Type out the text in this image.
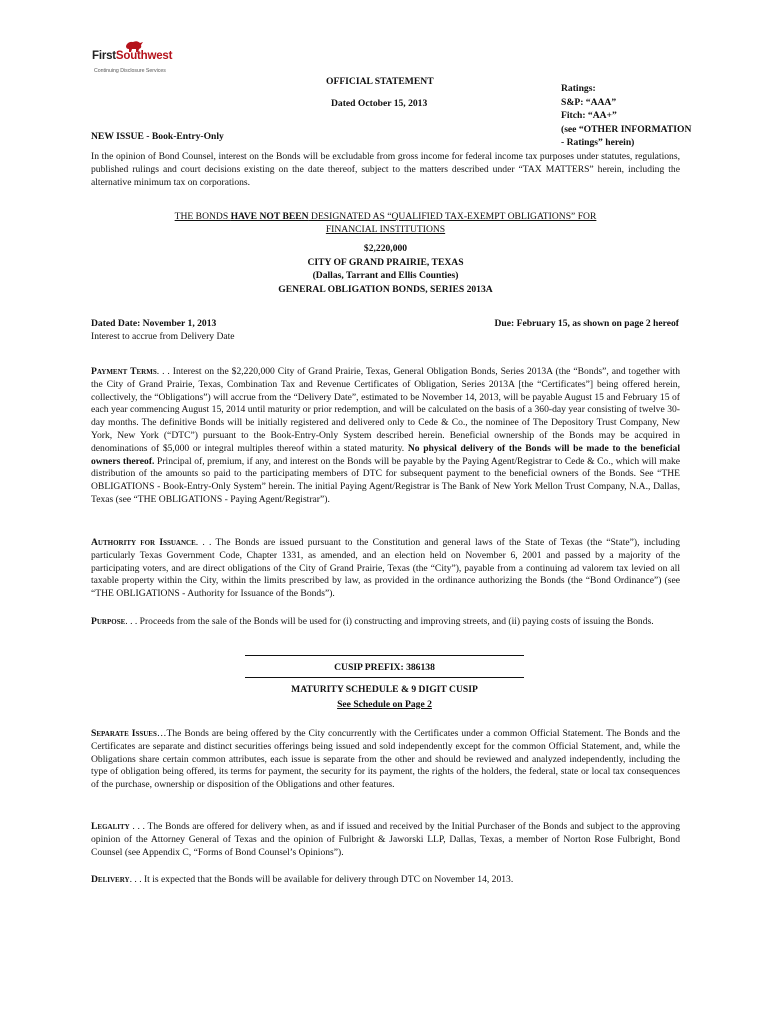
FirstSouthwest
Continuing Disclosure Services
OFFICIAL STATEMENT
Dated October 15, 2013
NEW ISSUE - Book-Entry-Only
Ratings:
S&P: “AAA”
Fitch: “AA+”
(see “OTHER INFORMATION
- Ratings” herein)
In the opinion of Bond Counsel, interest on the Bonds will be excludable from gross income for federal income tax purposes under statutes, regulations, published rulings and court decisions existing on the date thereof, subject to the matters described under “TAX MATTERS” herein, including the alternative minimum tax on corporations.
THE BONDS HAVE NOT BEEN DESIGNATED AS “QUALIFIED TAX-EXEMPT OBLIGATIONS” FOR
FINANCIAL INSTITUTIONS
$2,220,000
CITY OF GRAND PRAIRIE, TEXAS
(Dallas, Tarrant and Ellis Counties)
GENERAL OBLIGATION BONDS, SERIES 2013A
Dated Date: November 1, 2013
Interest to accrue from Delivery Date
Due: February 15, as shown on page 2 hereof
Payment Terms. . . Interest on the $2,220,000 City of Grand Prairie, Texas, General Obligation Bonds, Series 2013A (the “Bonds”, and together with the City of Grand Prairie, Texas, Combination Tax and Revenue Certificates of Obligation, Series 2013A [the “Certificates”] being offered herein, collectively, the “Obligations”) will accrue from the “Delivery Date”, estimated to be November 14, 2013, will be payable August 15 and February 15 of each year commencing August 15, 2014 until maturity or prior redemption, and will be calculated on the basis of a 360-day year consisting of twelve 30-day months. The definitive Bonds will be initially registered and delivered only to Cede & Co., the nominee of The Depository Trust Company, New York, New York (“DTC”) pursuant to the Book-Entry-Only System described herein. Beneficial ownership of the Bonds may be acquired in denominations of $5,000 or integral multiples thereof within a stated maturity. No physical delivery of the Bonds will be made to the beneficial owners thereof. Principal of, premium, if any, and interest on the Bonds will be payable by the Paying Agent/Registrar to Cede & Co., which will make distribution of the amounts so paid to the participating members of DTC for subsequent payment to the beneficial owners of the Bonds. See “THE OBLIGATIONS - Book-Entry-Only System” herein. The initial Paying Agent/Registrar is The Bank of New York Mellon Trust Company, N.A., Dallas, Texas (see “THE OBLIGATIONS - Paying Agent/Registrar”).
Authority for Issuance. . . The Bonds are issued pursuant to the Constitution and general laws of the State of Texas (the “State”), including particularly Texas Government Code, Chapter 1331, as amended, and an election held on November 6, 2001 and passed by a majority of the participating voters, and are direct obligations of the City of Grand Prairie, Texas (the “City”), payable from a continuing ad valorem tax levied on all taxable property within the City, within the limits prescribed by law, as provided in the ordinance authorizing the Bonds (the “Bond Ordinance”) (see “THE OBLIGATIONS - Authority for Issuance of the Bonds”).
Purpose. . . Proceeds from the sale of the Bonds will be used for (i) constructing and improving streets, and (ii) paying costs of issuing the Bonds.
CUSIP PREFIX: 386138
MATURITY SCHEDULE & 9 DIGIT CUSIP
See Schedule on Page 2
Separate Issues…The Bonds are being offered by the City concurrently with the Certificates under a common Official Statement. The Bonds and the Certificates are separate and distinct securities offerings being issued and sold independently except for the common Official Statement, and, while the Obligations share certain common attributes, each issue is separate from the other and should be reviewed and analyzed independently, including the type of obligation being offered, its terms for payment, the security for its payment, the rights of the holders, the federal, state or local tax consequences of the purchase, ownership or disposition of the Obligations and other features.
Legality . . . The Bonds are offered for delivery when, as and if issued and received by the Initial Purchaser of the Bonds and subject to the approving opinion of the Attorney General of Texas and the opinion of Fulbright & Jaworski LLP, Dallas, Texas, a member of Norton Rose Fulbright, Bond Counsel (see Appendix C, “Forms of Bond Counsel’s Opinions”).
Delivery. . . It is expected that the Bonds will be available for delivery through DTC on November 14, 2013.
